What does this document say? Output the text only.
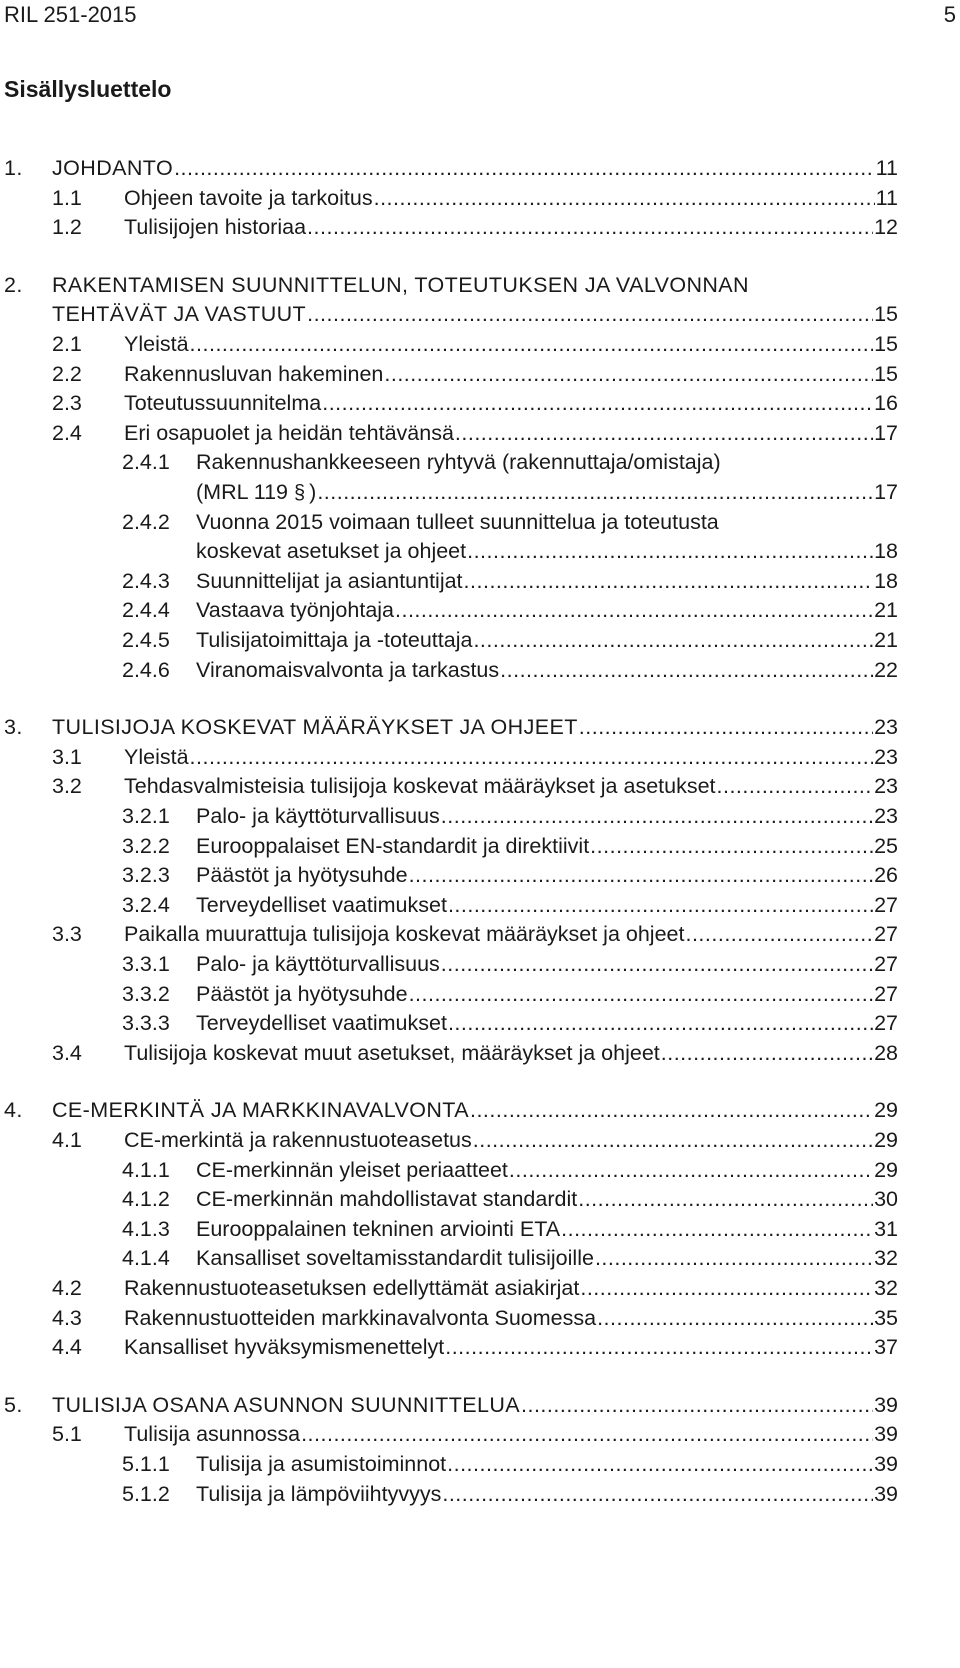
RIL 251-2015	5
Sisällysluettelo
1. JOHDANTO .....	11
1.1 Ohjeen tavoite ja tarkoitus .....	11
1.2 Tulisijojen historiaa .....	12
2. RAKENTAMISEN SUUNNITTELUN, TOTEUTUKSEN JA VALVONNAN
TEHTÄVÄT JA VASTUUT .....	15
2.1 Yleistä .....	15
2.2 Rakennusluvan hakeminen .....	15
2.3 Toteutussuunnitelma .....	16
2.4 Eri osapuolet ja heidän tehtävänsä .....	17
2.4.1 Rakennushankkeeseen ryhtyvä (rakennuttaja/omistaja)
(MRL 119 § ) .....	17
2.4.2 Vuonna 2015 voimaan tulleet suunnittelua ja toteutusta
koskevat asetukset ja ohjeet .....	18
2.4.3 Suunnittelijat ja asiantuntijat .....	18
2.4.4 Vastaava työnjohtaja .....	21
2.4.5 Tulisijatoimittaja ja -toteuttaja .....	21
2.4.6 Viranomaisvalvonta ja tarkastus .....	22
3. TULISIJOJA KOSKEVAT MÄÄRÄYKSET JA OHJEET .....	23
3.1 Yleistä .....	23
3.2 Tehdasvalmisteisia tulisijoja koskevat määräykset ja asetukset .....	23
3.2.1 Palo- ja käyttöturvallisuus .....	23
3.2.2 Eurooppalaiset EN-standardit ja direktiivit .....	25
3.2.3 Päästöt ja hyötysuhde .....	26
3.2.4 Terveydelliset vaatimukset .....	27
3.3 Paikalla muurattuja tulisijoja koskevat määräykset ja ohjeet .....	27
3.3.1 Palo- ja käyttöturvallisuus .....	27
3.3.2 Päästöt ja hyötysuhde .....	27
3.3.3 Terveydelliset vaatimukset .....	27
3.4 Tulisijoja koskevat muut asetukset, määräykset ja ohjeet .....	28
4. CE-MERKINTÄ JA MARKKINAVALVONTA .....	29
4.1 CE-merkintä ja rakennustuoteasetus .....	29
4.1.1 CE-merkinnän yleiset periaatteet .....	29
4.1.2 CE-merkinnän mahdollistavat standardit .....	30
4.1.3 Eurooppalainen tekninen arviointi ETA .....	31
4.1.4 Kansalliset soveltamisstandardit tulisijoille .....	32
4.2 Rakennustuoteasetuksen edellyttämät asiakirjat .....	32
4.3 Rakennustuotteiden markkinavalvonta Suomessa .....	35
4.4 Kansalliset hyväksymismenettelyt .....	37
5. TULISIJA OSANA ASUNNON SUUNNITTELUA .....	39
5.1 Tulisija asunnossa .....	39
5.1.1 Tulisija ja asumistoiminnot .....	39
5.1.2 Tulisija ja lämpöviihtyvyys .....	39
